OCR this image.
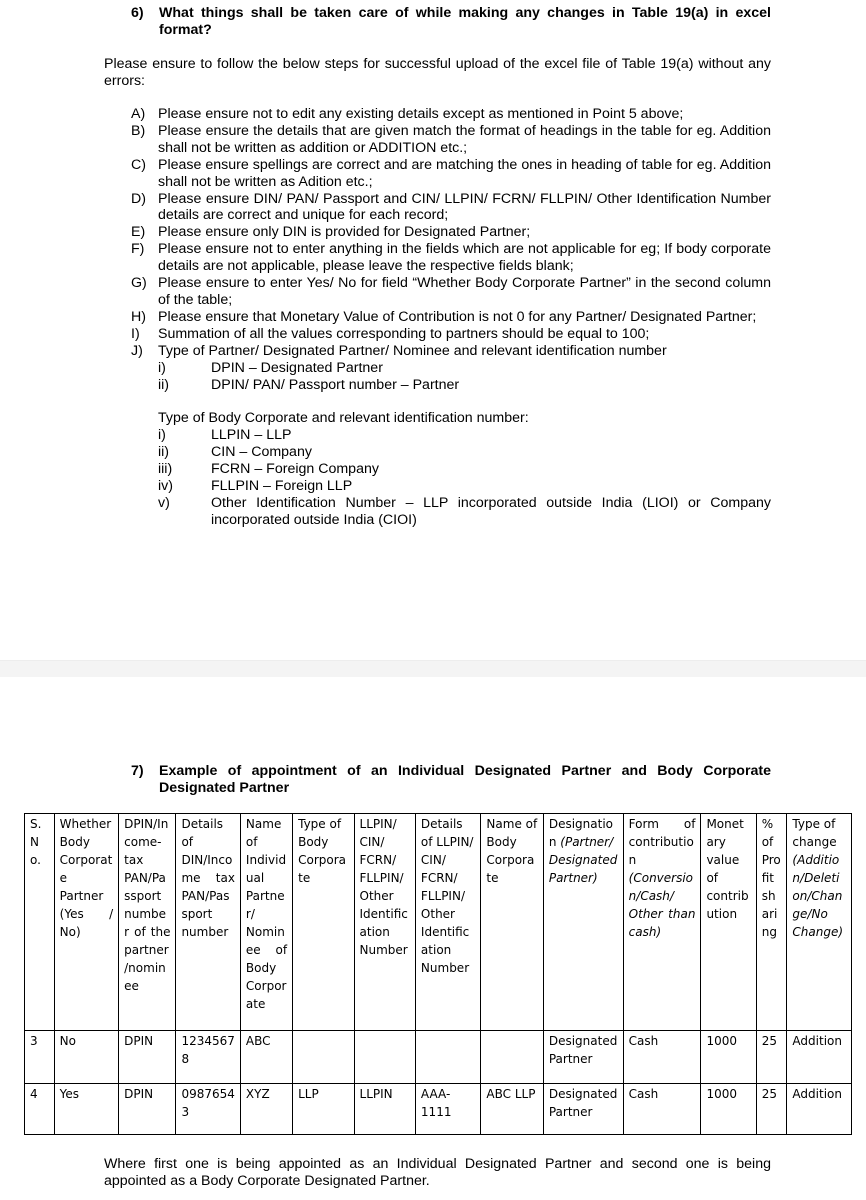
6) What things shall be taken care of while making any changes in Table 19(a) in excel format?
Please ensure to follow the below steps for successful upload of the excel file of Table 19(a) without any errors:
A) Please ensure not to edit any existing details except as mentioned in Point 5 above;
B) Please ensure the details that are given match the format of headings in the table for eg. Addition shall not be written as addition or ADDITION etc.;
C) Please ensure spellings are correct and are matching the ones in heading of table for eg. Addition shall not be written as Adition etc.;
D) Please ensure DIN/ PAN/ Passport and CIN/ LLPIN/ FCRN/ FLLPIN/ Other Identification Number details are correct and unique for each record;
E) Please ensure only DIN is provided for Designated Partner;
F) Please ensure not to enter anything in the fields which are not applicable for eg; If body corporate details are not applicable, please leave the respective fields blank;
G) Please ensure to enter Yes/ No for field “Whether Body Corporate Partner” in the second column of the table;
H) Please ensure that Monetary Value of Contribution is not 0 for any Partner/ Designated Partner;
I) Summation of all the values corresponding to partners should be equal to 100;
J) Type of Partner/ Designated Partner/ Nominee and relevant identification number
i)	DPIN – Designated Partner
ii)	DPIN/ PAN/ Passport number – Partner
Type of Body Corporate and relevant identification number:
i)	LLPIN – LLP
ii)	CIN – Company
iii)	FCRN – Foreign Company
iv)	FLLPIN – Foreign LLP
v)	Other Identification Number – LLP incorporated outside India (LIOI) or Company incorporated outside India (CIOI)
7) Example of appointment of an Individual Designated Partner and Body Corporate Designated Partner
S. N o.	Whether Body Corporate Partner (Yes / No)	DPIN/Income-tax PAN/Passport number of the partner/nominee	Details of DIN/Income tax PAN/Passport number	Name of Individual Partner/ Nominee of Body Corporate	Type of Body Corporate	LLPIN/ CIN/ FCRN/ FLLPIN/ Other Identification Number	Details of LLPIN/ CIN/ FCRN/ FLLPIN/ Other Identification Number	Name of Body Corporate	Designation (Partner/ Designated Partner)	Form of contribution (Conversion/Cash/ Other than cash)	Monetary value of contribution	% of Profit sharing	Type of change (Addition/Deletion/Change/No Change)
3	No	DPIN	12345678	ABC					Designated Partner	Cash	1000	25	Addition
4	Yes	DPIN	09876543	XYZ	LLP	LLPIN	AAA-1111	ABC LLP	Designated Partner	Cash	1000	25	Addition
Where first one is being appointed as an Individual Designated Partner and second one is being appointed as a Body Corporate Designated Partner.
